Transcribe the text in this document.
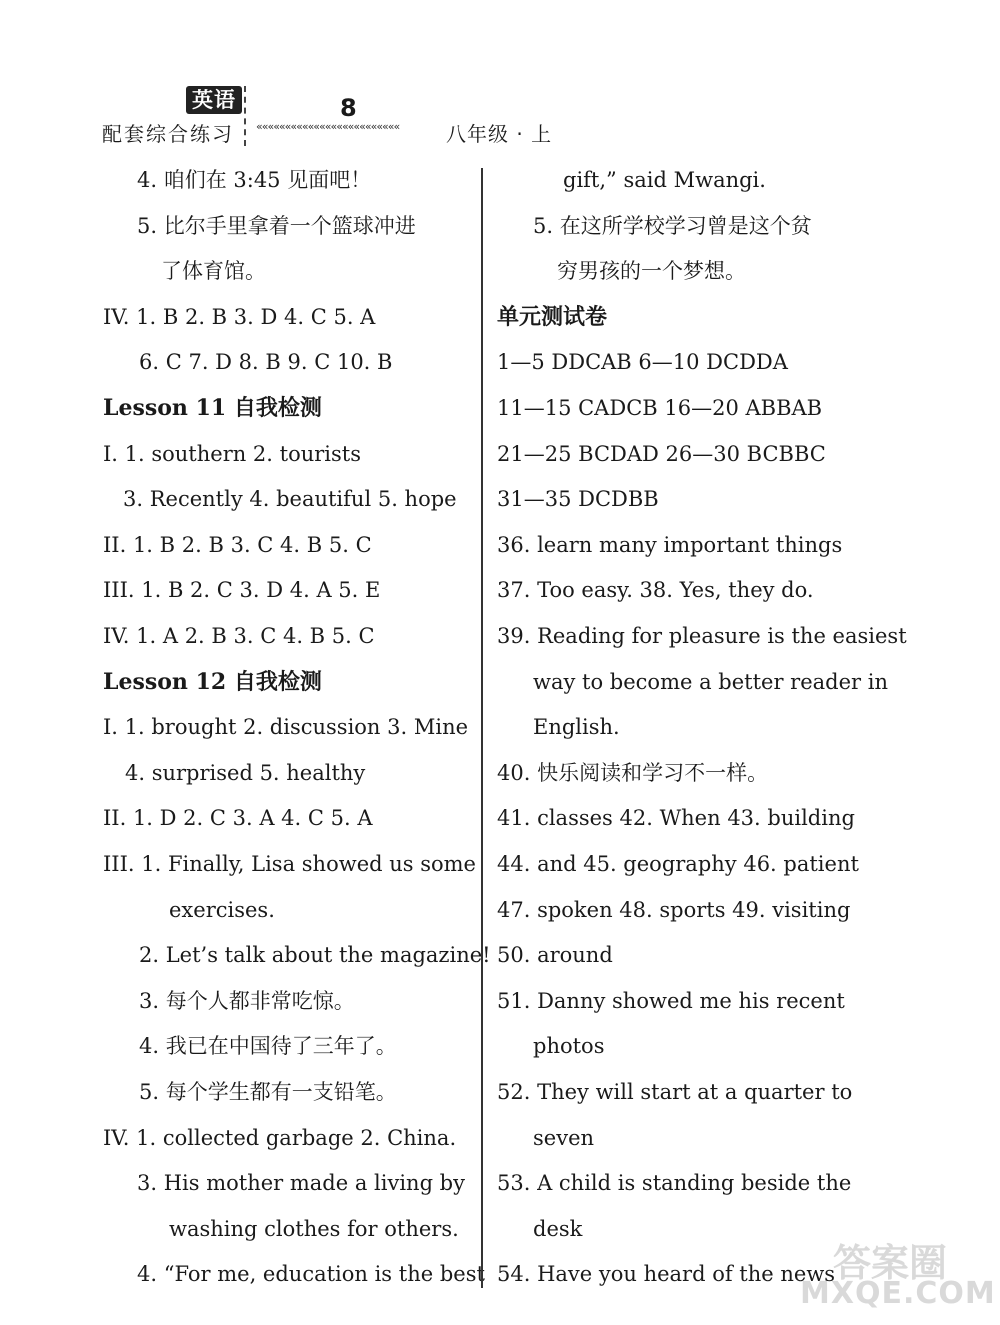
英语
配套综合练习
8
«««««««««««««««««««««««««	八年级 · 上
4. 咱们在 3:45 见面吧！
5. 比尔手里拿着一个篮球冲进
了体育馆。
IV. 1. B 2. B 3. D 4. C 5. A
6. C 7. D 8. B 9. C 10. B
Lesson 11 自我检测
I. 1. southern 2. tourists
3. Recently 4. beautiful 5. hope
II. 1. B 2. B 3. C 4. B 5. C
III. 1. B 2. C 3. D 4. A 5. E
IV. 1. A 2. B 3. C 4. B 5. C
Lesson 12 自我检测
I. 1. brought 2. discussion 3. Mine
4. surprised 5. healthy
II. 1. D 2. C 3. A 4. C 5. A
III. 1. Finally, Lisa showed us some
exercises.
2. Let’s talk about the magazine!
3. 每个人都非常吃惊。
4. 我已在中国待了三年了。
5. 每个学生都有一支铅笔。
IV. 1. collected garbage 2. China.
3. His mother made a living by
washing clothes for others.
4. “For me, education is the best
gift,” said Mwangi.
5. 在这所学校学习曾是这个贫
穷男孩的一个梦想。
单元测试卷
1—5 DDCAB 6—10 DCDDA
11—15 CADCB 16—20 ABBAB
21—25 BCDAD 26—30 BCBBC
31—35 DCDBB
36. learn many important things
37. Too easy. 38. Yes, they do.
39. Reading for pleasure is the easiest
way to become a better reader in
English.
40. 快乐阅读和学习不一样。
41. classes 42. When 43. building
44. and 45. geography 46. patient
47. spoken 48. sports 49. visiting
50. around
51. Danny showed me his recent
photos
52. They will start at a quarter to
seven
53. A child is standing beside the
desk
54. Have you heard of the news
答案圈
MXQE.COM
